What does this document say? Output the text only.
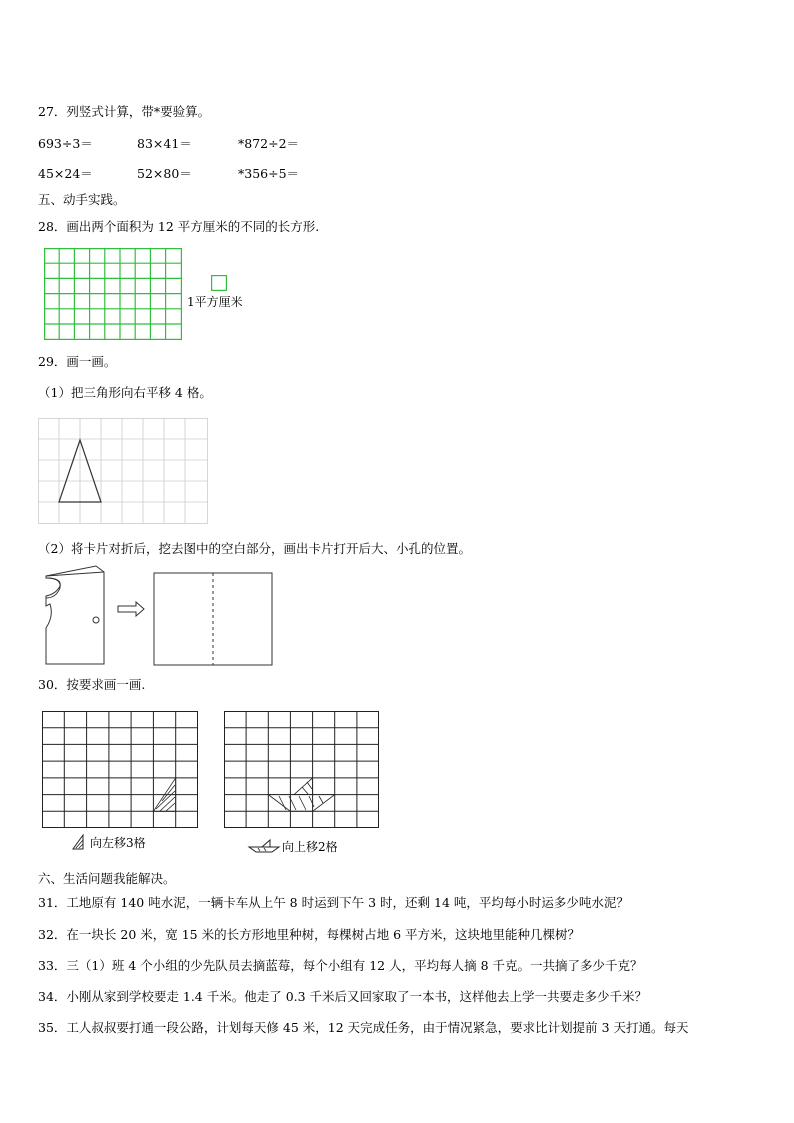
27．列竖式计算，带*要验算。
693÷3＝	83×41＝	*872÷2＝
45×24＝	52×80＝	*356÷5＝
五、动手实践。
28．画出两个面积为 12 平方厘米的不同的长方形.
1平方厘米
29．画一画。
（1）把三角形向右平移 4 格。
（2）将卡片对折后，挖去图中的空白部分，画出卡片打开后大、小孔的位置。
30．按要求画一画.
向左移3格	向上移2格
六、生活问题我能解决。
31．工地原有 140 吨水泥，一辆卡车从上午 8 时运到下午 3 时，还剩 14 吨，平均每小时运多少吨水泥？
32．在一块长 20 米，宽 15 米的长方形地里种树，每棵树占地 6 平方米，这块地里能种几棵树？
33．三（1）班 4 个小组的少先队员去摘蓝莓，每个小组有 12 人，平均每人摘 8 千克。一共摘了多少千克？
34．小刚从家到学校要走 1.4 千米。他走了 0.3 千米后又回家取了一本书，这样他去上学一共要走多少千米？
35．工人叔叔要打通一段公路，计划每天修 45 米，12 天完成任务，由于情况紧急，要求比计划提前 3 天打通。每天
